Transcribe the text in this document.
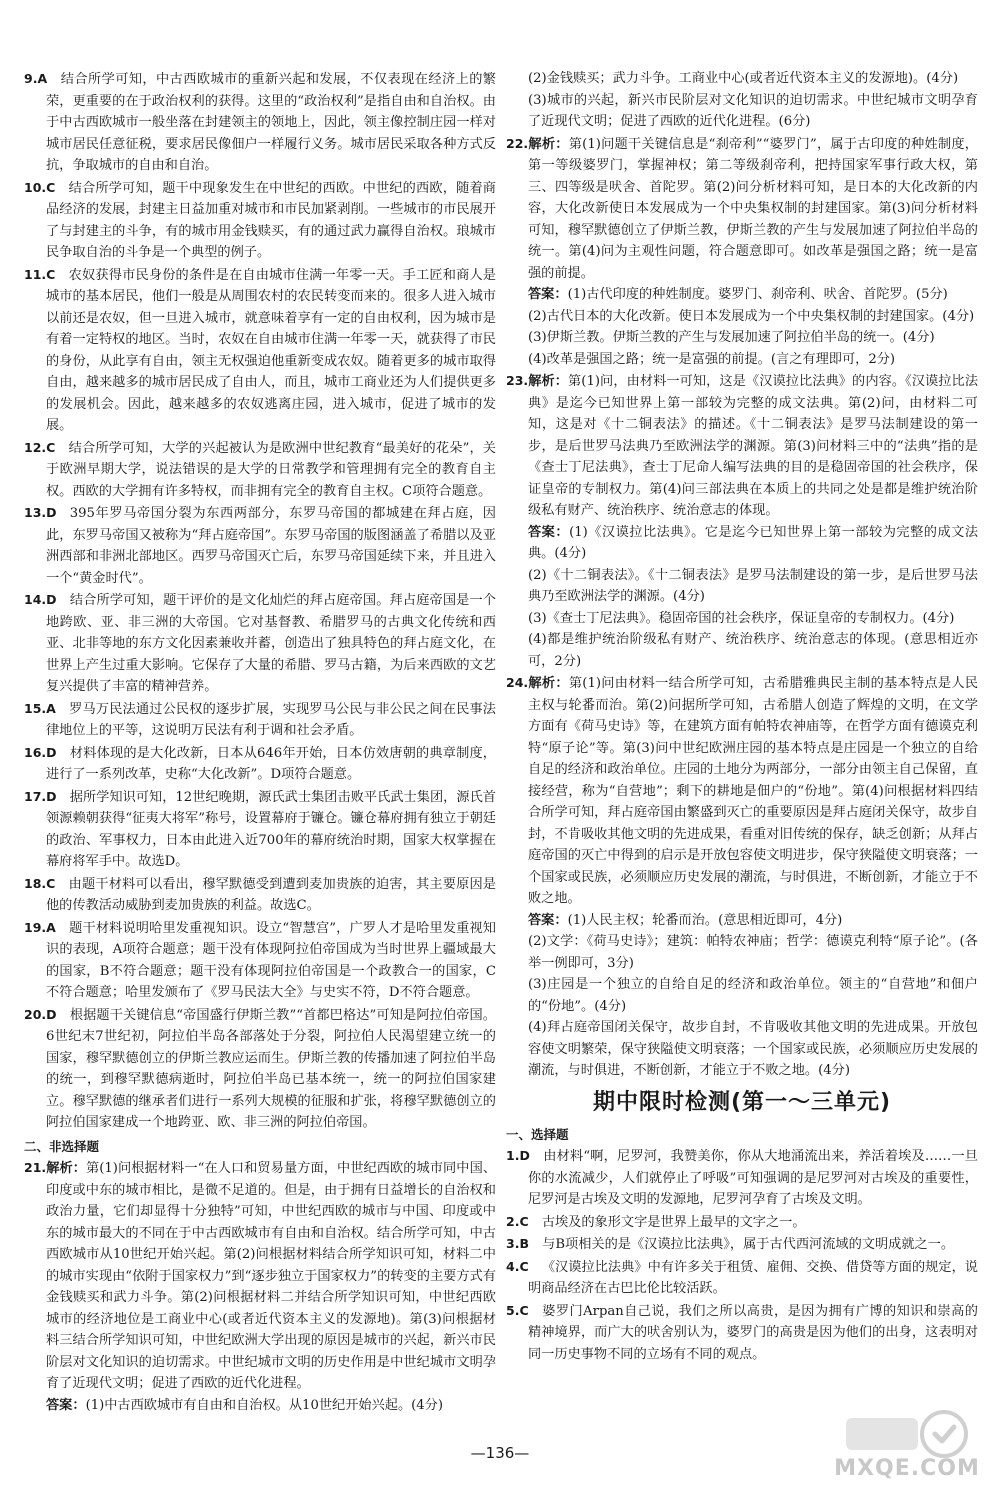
9.A  结合所学可知，中古西欧城市的重新兴起和发展，不仅表现在经济上的繁荣，更重要的在于政治权利的获得。这里的“政治权利”是指自由和自治权。由于中古西欧城市一般坐落在封建领主的领地上，因此，领主像控制庄园一样对城市居民任意征税，要求居民像佃户一样履行义务。城市居民采取各种方式反抗，争取城市的自由和自治。

10.C  结合所学可知，题干中现象发生在中世纪的西欧。中世纪的西欧，随着商品经济的发展，封建主日益加重对城市和市民加紧剥削。一些城市的市民展开了与封建主的斗争，有的城市用金钱赎买，有的通过武力赢得自治权。琅城市民争取自治的斗争是一个典型的例子。

11.C  农奴获得市民身份的条件是在自由城市住满一年零一天。手工匠和商人是城市的基本居民，他们一般是从周围农村的农民转变而来的。很多人进入城市以前还是农奴，但一旦进入城市，就意味着享有一定的自由权利，因为城市是有着一定特权的地区。当时，农奴在自由城市住满一年零一天，就获得了市民的身份，从此享有自由，领主无权强迫他重新变成农奴。随着更多的城市取得自由，越来越多的城市居民成了自由人，而且，城市工商业还为人们提供更多的发展机会。因此，越来越多的农奴逃离庄园，进入城市，促进了城市的发展。

12.C  结合所学可知，大学的兴起被认为是欧洲中世纪教育“最美好的花朵”，关于欧洲早期大学，说法错误的是大学的日常教学和管理拥有完全的教育自主权。西欧的大学拥有许多特权，而非拥有完全的教育自主权。C项符合题意。

13.D  395年罗马帝国分裂为东西两部分，东罗马帝国的都城建在拜占庭，因此，东罗马帝国又被称为“拜占庭帝国”。东罗马帝国的版图涵盖了希腊以及亚洲西部和非洲北部地区。西罗马帝国灭亡后，东罗马帝国延续下来，并且进入一个“黄金时代”。

14.D  结合所学可知，题干评价的是文化灿烂的拜占庭帝国。拜占庭帝国是一个地跨欧、亚、非三洲的大帝国。它对基督教、希腊罗马的古典文化传统和西亚、北非等地的东方文化因素兼收并蓄，创造出了独具特色的拜占庭文化，在世界上产生过重大影响。它保存了大量的希腊、罗马古籍，为后来西欧的文艺复兴提供了丰富的精神营养。

15.A  罗马万民法通过公民权的逐步扩展，实现罗马公民与非公民之间在民事法律地位上的平等，这说明万民法有利于调和社会矛盾。

16.D  材料体现的是大化改新，日本从646年开始，日本仿效唐朝的典章制度，进行了一系列改革，史称“大化改新”。D项符合题意。

17.D  据所学知识可知，12世纪晚期，源氏武士集团击败平氏武士集团，源氏首领源赖朝获得“征夷大将军”称号，设置幕府于镰仓。镰仓幕府拥有独立于朝廷的政治、军事权力，日本由此进入近700年的幕府统治时期，国家大权掌握在幕府将军手中。故选D。

18.C  由题干材料可以看出，穆罕默德受到遭到麦加贵族的迫害，其主要原因是他的传教活动威胁到麦加贵族的利益。故选C。

19.A  题干材料说明哈里发重视知识。设立“智慧宫”，广罗人才是哈里发重视知识的表现，A项符合题意；题干没有体现阿拉伯帝国成为当时世界上疆域最大的国家，B不符合题意；题干没有体现阿拉伯帝国是一个政教合一的国家，C不符合题意；哈里发颁布了《罗马民法大全》与史实不符，D不符合题意。

20.D  根据题干关键信息“帝国盛行伊斯兰教”“首都巴格达”可知是阿拉伯帝国。6世纪末7世纪初，阿拉伯半岛各部落处于分裂，阿拉伯人民渴望建立统一的国家，穆罕默德创立的伊斯兰教应运而生。伊斯兰教的传播加速了阿拉伯半岛的统一，到穆罕默德病逝时，阿拉伯半岛已基本统一，统一的阿拉伯国家建立。穆罕默德的继承者们进行一系列大规模的征服和扩张，将穆罕默德创立的阿拉伯国家建成一个地跨亚、欧、非三洲的阿拉伯帝国。

二、非选择题

21.解析：第(1)问根据材料一“在人口和贸易量方面，中世纪西欧的城市同中国、印度或中东的城市相比，是微不足道的。但是，由于拥有日益增长的自治权和政治力量，它们却显得十分独特”可知，中世纪西欧的城市与中国、印度或中东的城市最大的不同在于中古西欧城市有自由和自治权。结合所学可知，中古西欧城市从10世纪开始兴起。第(2)问根据材料结合所学知识可知，材料二中的城市实现由“依附于国家权力”到“逐步独立于国家权力”的转变的主要方式有金钱赎买和武力斗争。第(2)问根据材料二并结合所学知识可知，中世纪西欧城市的经济地位是工商业中心(或者近代资本主义的发源地)。第(3)问根据材料三结合所学知识可知，中世纪欧洲大学出现的原因是城市的兴起，新兴市民阶层对文化知识的迫切需求。中世纪城市文明的历史作用是中世纪城市文明孕育了近现代文明；促进了西欧的近代化进程。

答案：(1)中古西欧城市有自由和自治权。从10世纪开始兴起。(4分)

(2)金钱赎买；武力斗争。工商业中心(或者近代资本主义的发源地)。(4分)

(3)城市的兴起，新兴市民阶层对文化知识的迫切需求。中世纪城市文明孕育了近现代文明；促进了西欧的近代化进程。(6分)

22.解析：第(1)问题干关键信息是“刹帝利”“婆罗门”，属于古印度的种姓制度，第一等级婆罗门，掌握神权；第二等级刹帝利，把持国家军事行政大权，第三、四等级是吠舍、首陀罗。第(2)问分析材料可知，是日本的大化改新的内容，大化改新使日本发展成为一个中央集权制的封建国家。第(3)问分析材料可知，穆罕默德创立了伊斯兰教，伊斯兰教的产生与发展加速了阿拉伯半岛的统一。第(4)问为主观性问题，符合题意即可。如改革是强国之路；统一是富强的前提。

答案：(1)古代印度的种姓制度。婆罗门、刹帝利、吠舍、首陀罗。(5分)

(2)古代日本的大化改新。使日本发展成为一个中央集权制的封建国家。(4分)

(3)伊斯兰教。伊斯兰教的产生与发展加速了阿拉伯半岛的统一。(4分)

(4)改革是强国之路；统一是富强的前提。(言之有理即可，2分)

23.解析：第(1)问，由材料一可知，这是《汉谟拉比法典》的内容。《汉谟拉比法典》是迄今已知世界上第一部较为完整的成文法典。第(2)问，由材料二可知，这是对《十二铜表法》的描述。《十二铜表法》是罗马法制建设的第一步，是后世罗马法典乃至欧洲法学的渊源。第(3)问材料三中的“法典”指的是《查士丁尼法典》，查士丁尼命人编写法典的目的是稳固帝国的社会秩序，保证皇帝的专制权力。第(4)问三部法典在本质上的共同之处是都是维护统治阶级私有财产、统治秩序、统治意志的体现。

答案：(1)《汉谟拉比法典》。它是迄今已知世界上第一部较为完整的成文法典。(4分)

(2)《十二铜表法》。《十二铜表法》是罗马法制建设的第一步，是后世罗马法典乃至欧洲法学的渊源。(4分)

(3)《查士丁尼法典》。稳固帝国的社会秩序，保证皇帝的专制权力。(4分)

(4)都是维护统治阶级私有财产、统治秩序、统治意志的体现。(意思相近亦可，2分)

24.解析：第(1)问由材料一结合所学可知，古希腊雅典民主制的基本特点是人民主权与轮番而治。第(2)问据所学可知，古希腊人创造了辉煌的文明，在文学方面有《荷马史诗》等，在建筑方面有帕特农神庙等，在哲学方面有德谟克利特“原子论”等。第(3)问中世纪欧洲庄园的基本特点是庄园是一个独立的自给自足的经济和政治单位。庄园的土地分为两部分，一部分由领主自己保留，直接经营，称为“自营地”；剩下的耕地是佃户的“份地”。第(4)问根据材料四结合所学可知，拜占庭帝国由繁盛到灭亡的重要原因是拜占庭闭关保守，故步自封，不肯吸收其他文明的先进成果，看重对旧传统的保存，缺乏创新；从拜占庭帝国的灭亡中得到的启示是开放包容使文明进步，保守狭隘使文明衰落；一个国家或民族，必须顺应历史发展的潮流，与时俱进，不断创新，才能立于不败之地。

答案：(1)人民主权；轮番而治。(意思相近即可，4分)

(2)文学：《荷马史诗》；建筑：帕特农神庙；哲学：德谟克利特“原子论”。(各举一例即可，3分)

(3)庄园是一个独立的自给自足的经济和政治单位。领主的“自营地”和佃户的“份地”。(4分)

(4)拜占庭帝国闭关保守，故步自封，不肯吸收其他文明的先进成果。开放包容使文明繁荣，保守狭隘使文明衰落；一个国家或民族，必须顺应历史发展的潮流，与时俱进，不断创新，才能立于不败之地。(4分)

期中限时检测(第一～三单元)

一、选择题

1.D  由材料“啊，尼罗河，我赞美你，你从大地涌流出来，养活着埃及……一旦你的水流减少，人们就停止了呼吸”可知强调的是尼罗河对古埃及的重要性，尼罗河是古埃及文明的发源地，尼罗河孕育了古埃及文明。

2.C  古埃及的象形文字是世界上最早的文字之一。

3.B  与B项相关的是《汉谟拉比法典》，属于古代西河流域的文明成就之一。

4.C  《汉谟拉比法典》中有许多关于租赁、雇佣、交换、借贷等方面的规定，说明商品经济在古巴比伦比较活跃。

5.C  婆罗门Arpan自己说，我们之所以高贵，是因为拥有广博的知识和崇高的精神境界，而广大的吠舍别认为，婆罗门的高贵是因为他们的出身，这表明对同一历史事物不同的立场有不同的观点。

—136—
MXQE.COM
